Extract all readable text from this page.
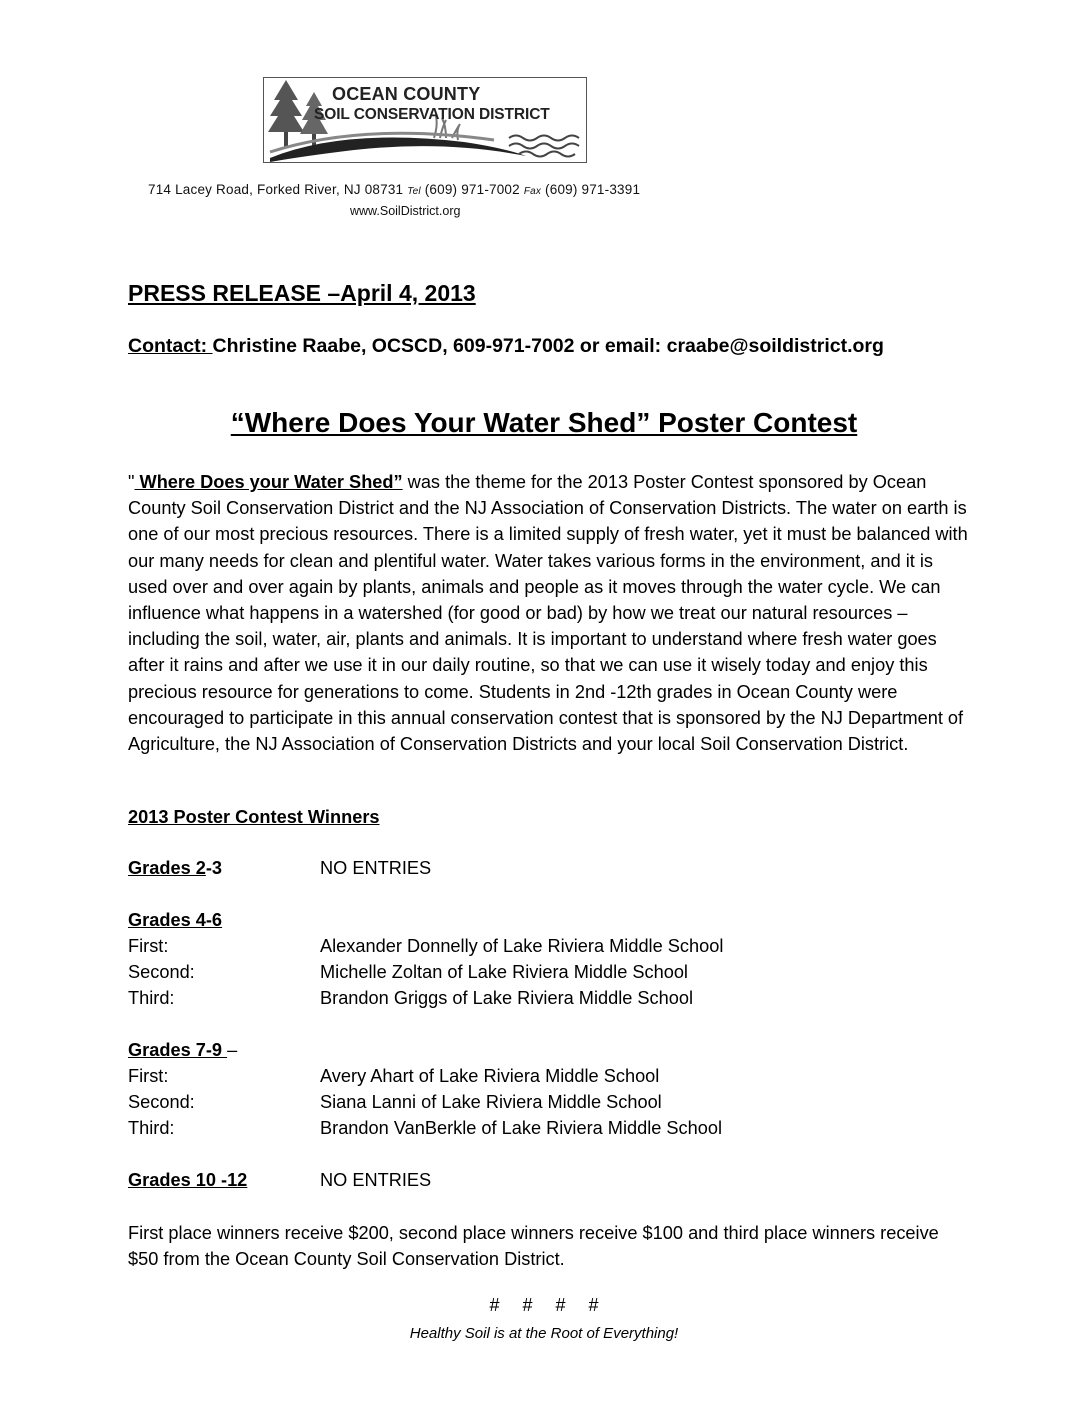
OCEAN COUNTY
SOIL CONSERVATION DISTRICT
714 Lacey Road, Forked River, NJ 08731 Tel (609) 971-7002 Fax (609) 971-3391
www.SoilDistrict.org
PRESS RELEASE –April 4, 2013
Contact: Christine Raabe, OCSCD, 609-971-7002 or email: craabe@soildistrict.org
“Where Does Your Water Shed” Poster Contest
" Where Does your Water Shed” was the theme for the 2013 Poster Contest sponsored by Ocean County Soil Conservation District and the NJ Association of Conservation Districts. The water on earth is one of our most precious resources. There is a limited supply of fresh water, yet it must be balanced with our many needs for clean and plentiful water. Water takes various forms in the environment, and it is used over and over again by plants, animals and people as it moves through the water cycle. We can influence what happens in a watershed (for good or bad) by how we treat our natural resources – including the soil, water, air, plants and animals. It is important to understand where fresh water goes after it rains and after we use it in our daily routine, so that we can use it wisely today and enjoy this precious resource for generations to come. Students in 2nd -12th grades in Ocean County were encouraged to participate in this annual conservation contest that is sponsored by the NJ Department of Agriculture, the NJ Association of Conservation Districts and your local Soil Conservation District.
2013 Poster Contest Winners
Grades 2-3	NO ENTRIES
Grades 4-6
First:	Alexander Donnelly of Lake Riviera Middle School
Second:	Michelle Zoltan of Lake Riviera Middle School
Third:	Brandon Griggs of Lake Riviera Middle School
Grades 7-9 –
First:	Avery Ahart of Lake Riviera Middle School
Second:	Siana Lanni of Lake Riviera Middle School
Third:	Brandon VanBerkle of Lake Riviera Middle School
Grades 10 -12	NO ENTRIES
First place winners receive $200, second place winners receive $100 and third place winners receive $50 from the Ocean County Soil Conservation District.
# # # #
Healthy Soil is at the Root of Everything!
